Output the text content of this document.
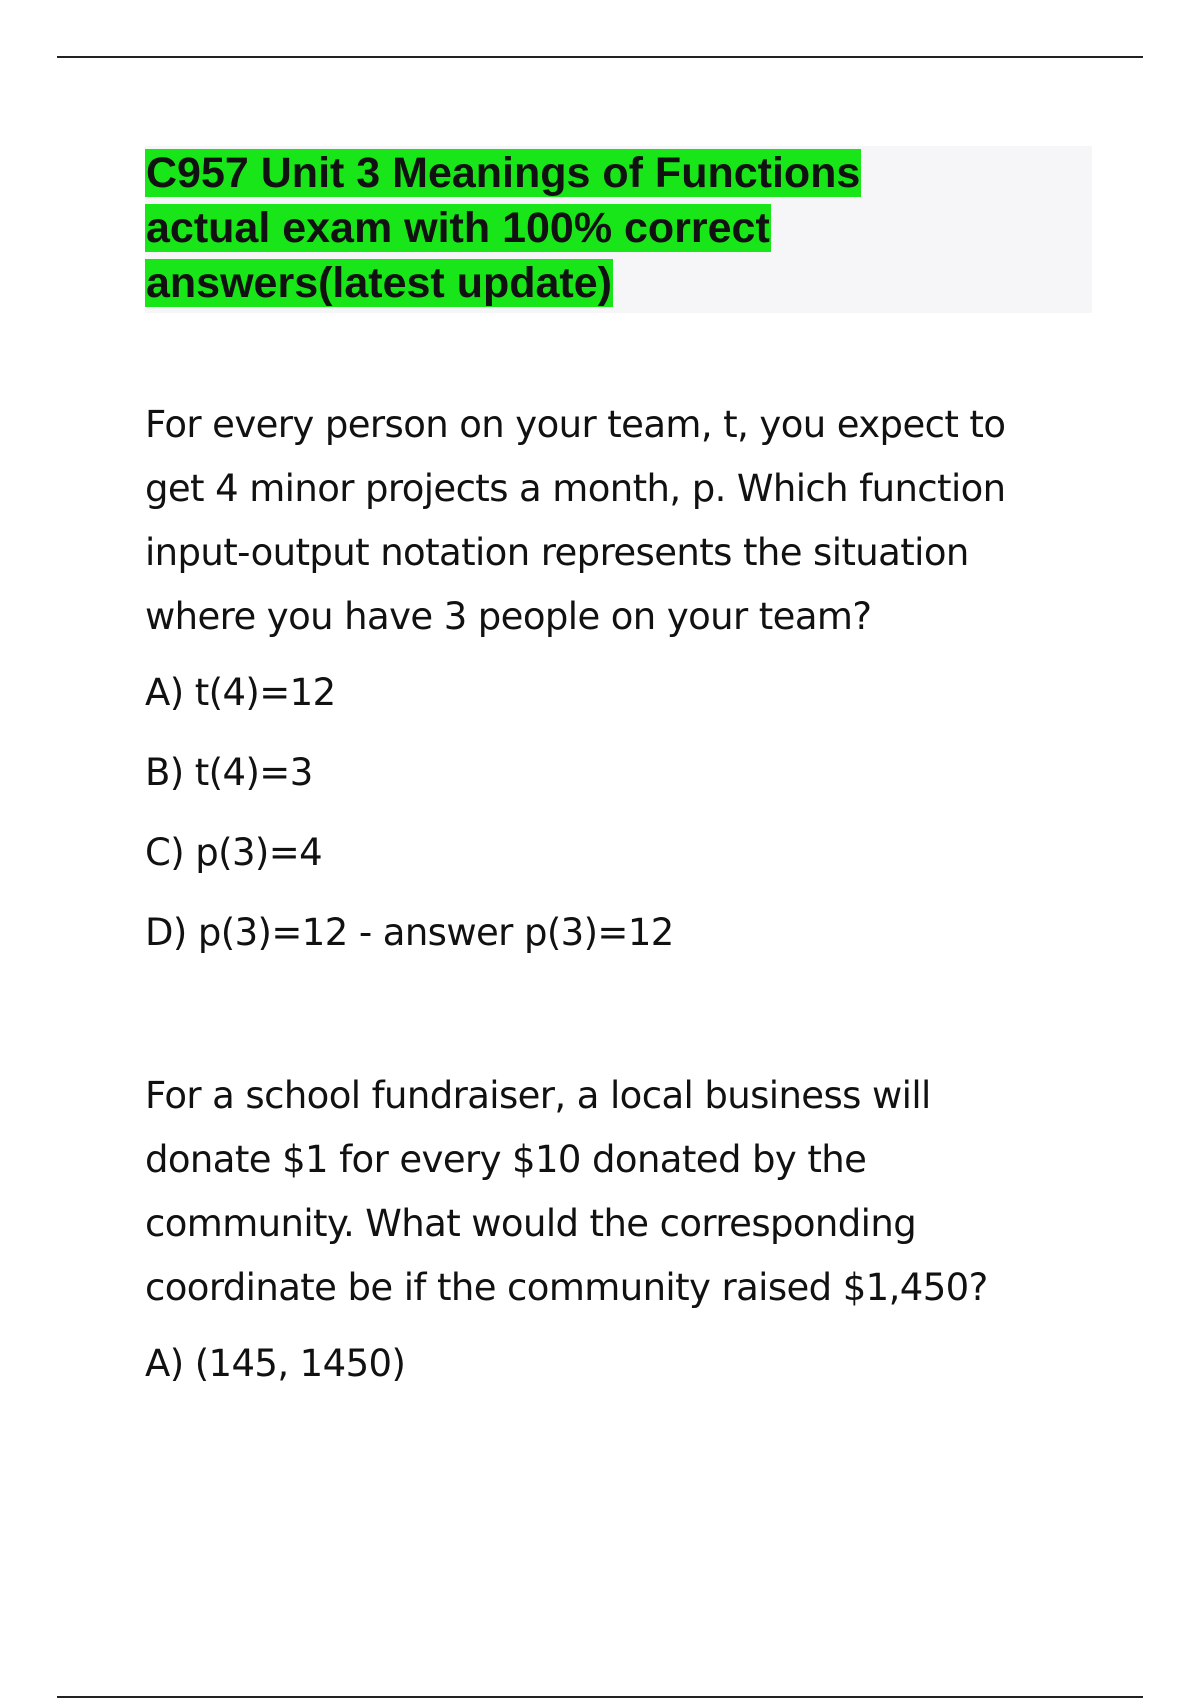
C957 Unit 3 Meanings of Functions
actual exam with 100% correct
answers(latest update)

For every person on your team, t, you expect to
get 4 minor projects a month, p. Which function
input-output notation represents the situation
where you have 3 people on your team?

A) t(4)=12

B) t(4)=3

C) p(3)=4

D) p(3)=12 - answer p(3)=12

For a school fundraiser, a local business will
donate $1 for every $10 donated by the
community. What would the corresponding
coordinate be if the community raised $1,450?

A) (145, 1450)
